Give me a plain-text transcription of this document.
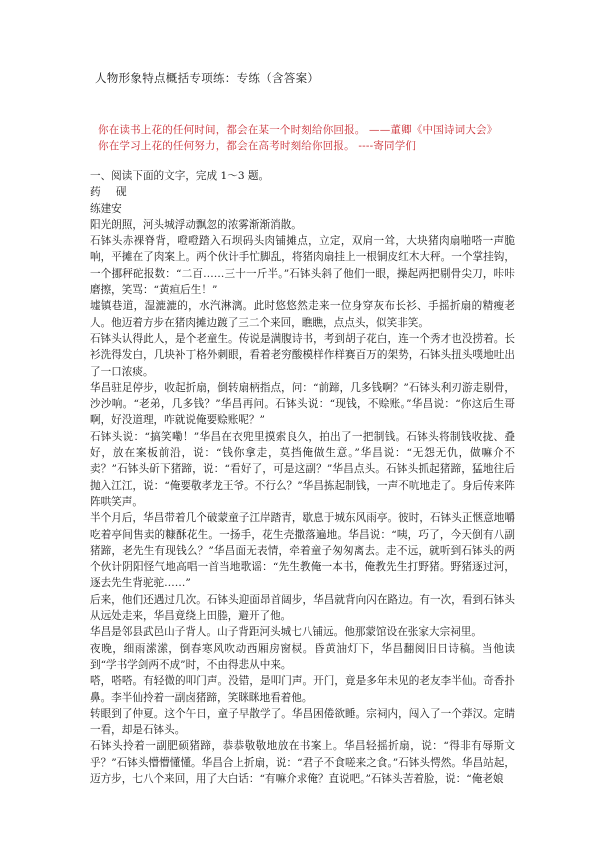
人物形象特点概括专项练：专练（含答案）
你在读书上花的任何时间，都会在某一个时刻给你回报。 ——董卿《中国诗词大会》
你在学习上花的任何努力，都会在高考时刻给你回报。 ----寄同学们

一、阅读下面的文字，完成 1～3 题。

药 砚

练建安

阳光朗照，河头城浮动飘忽的浓雾渐渐消散。

石钵头赤裸脊背，噔噔踏入石坝码头肉铺摊点，立定，双肩一耸，大块猪肉扇啪嗒一声脆响，平摊在了肉案上。两个伙计手忙脚乱，将猪肉扇挂上一根铜皮红木大秤。一个掌挂钩，一个挪秤砣报数：“二百……三十一斤半。”石钵头斜了他们一眼，操起两把剔骨尖刀，咔咔磨擦，笑骂：“黄疸后生！”

墟镇巷道，湿漉漉的，水汽淋漓。此时悠悠然走来一位身穿灰布长衫、手摇折扇的精瘦老人。他迈着方步在猪肉摊边踱了三二个来回，瞧瞧，点点头，似笑非笑。

石钵头认得此人，是个老童生。传说是满腹诗书，考到胡子花白，连一个秀才也没捞着。长衫洗得发白，几块补丁格外刺眼，看着老穷酸模样作样赛百万的架势，石钵头扭头噗地吐出了一口浓痰。

华昌驻足停步，收起折扇，倒转扇柄指点，问：“前蹄，几多钱啊？”石钵头利刃游走剔骨，沙沙响。“老弟，几多钱？”华昌再问。石钵头说：“现钱，不赊账。”华昌说：“你这后生哥啊，好没道理，咋就说俺要赊账呢？”

石钵头说：“搞笑嘞！”华昌在衣兜里摸索良久，拍出了一把制钱。石钵头将制钱收拢、叠好，放在案板前沿，说：“钱你拿走，莫挡俺做生意。”华昌说：“无怨无仇，做嘛介不卖？”石钵头斫下猪蹄，说：“看好了，可是这副？”华昌点头。石钵头抓起猪蹄，猛地往后抛入江江，说：“俺要敬孝龙王爷。不行么？”华昌拣起制钱，一声不吭地走了。身后传来阵阵哄笑声。

半个月后，华昌带着几个破蒙童子江岸踏青，歇息于城东风雨亭。彼时，石钵头正惬意地嚼吃着亭间售卖的糠酥花生。一扬手，花生壳撒落遍地。华昌说：“咦，巧了，今天倒有八副猪蹄，老先生有现钱么？”华昌面无表情，牵着童子匆匆离去。走不远，就听到石钵头的两个伙计阴阳怪气地高唱一首当地歌谣：“先生教俺一本书，俺教先生打野猪。野猪逐过河，逐去先生背驼驼……”

后来，他们还遇过几次。石钵头迎面昂首阔步，华昌就背向闪在路边。有一次，看到石钵头从远处走来，华昌竟绕上田塍，避开了他。

华昌是邻县武邑山子背人。山子背距河头城七八铺远。他那蒙馆设在张家大宗祠里。

夜晚，细雨潆潆，倒春寒风吹动西厢房窗棂。昏黄油灯下，华昌翻阅旧日诗稿。当他读到“学书学剑两不成”时，不由得悲从中来。

嗒，嗒嗒。有轻微的叩门声。没错，是叩门声。开门，竟是多年未见的老友李半仙。奇香扑鼻。李半仙拎着一副卤猪蹄，笑眯眯地看着他。

转眼到了仲夏。这个午日，童子早散学了。华昌困倦欲睡。宗祠内，闯入了一个莽汉。定睛一看，却是石钵头。

石钵头拎着一副肥硕猪蹄，恭恭敬敬地放在书案上。华昌轻摇折扇，说：“得非有辱斯文乎？”石钵头懵懵懂懂。华昌合上折扇，说：“君子不食嗟来之食。”石钵头愕然。华昌站起，迈方步，七八个来回，用了大白话：“有嘛介求俺？直说吧。”石钵头苦着脸，说：“俺老娘
